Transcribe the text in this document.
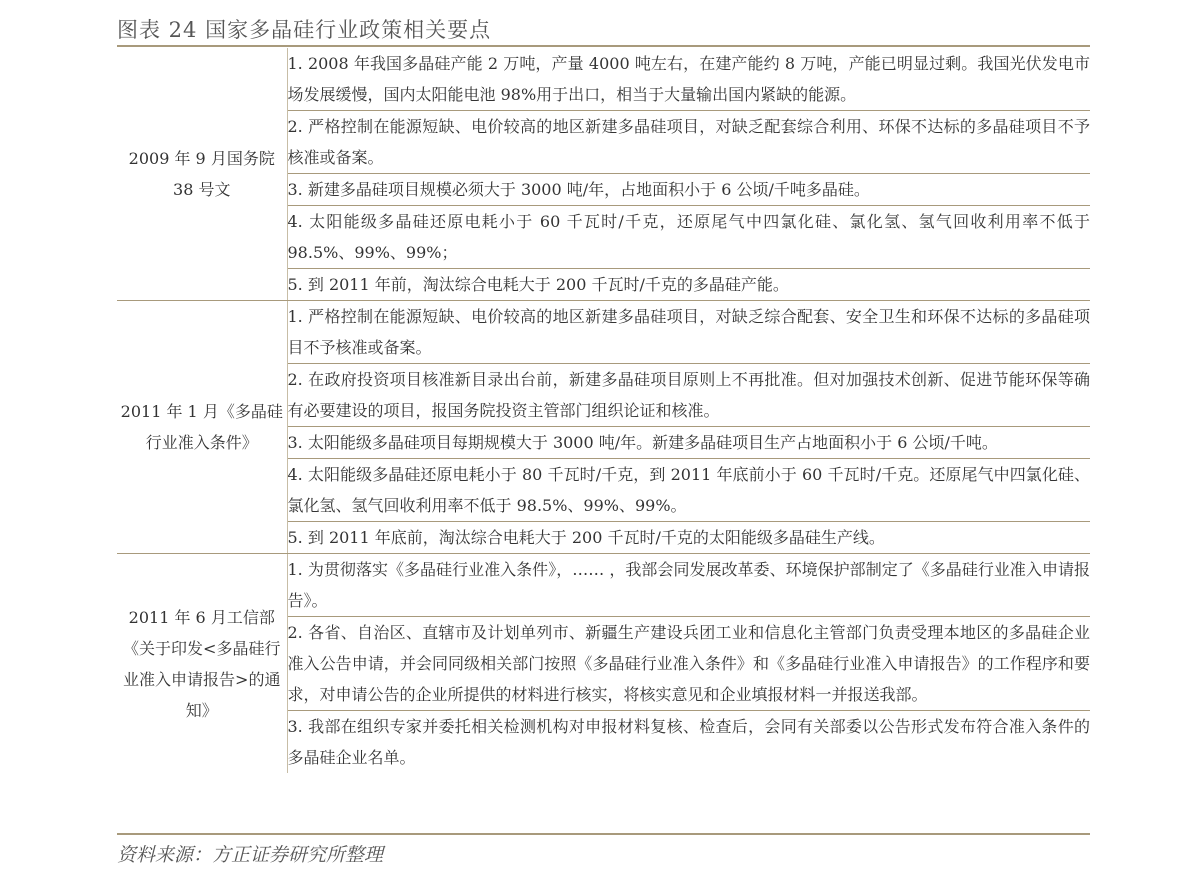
图表 24 国家多晶硅行业政策相关要点
2009 年 9 月国务院 38 号文	1. 2008 年我国多晶硅产能 2 万吨，产量 4000 吨左右，在建产能约 8 万吨，产能已明显过剩。我国光伏发电市场发展缓慢，国内太阳能电池 98%用于出口，相当于大量输出国内紧缺的能源。
	2. 严格控制在能源短缺、电价较高的地区新建多晶硅项目，对缺乏配套综合利用、环保不达标的多晶硅项目不予核准或备案。
	3. 新建多晶硅项目规模必须大于 3000 吨/年，占地面积小于 6 公顷/千吨多晶硅。
	4. 太阳能级多晶硅还原电耗小于 60 千瓦时/千克，还原尾气中四氯化硅、氯化氢、氢气回收利用率不低于 98.5%、99%、99%；
	5. 到 2011 年前，淘汰综合电耗大于 200 千瓦时/千克的多晶硅产能。
2011 年 1 月《多晶硅行业准入条件》	1. 严格控制在能源短缺、电价较高的地区新建多晶硅项目，对缺乏综合配套、安全卫生和环保不达标的多晶硅项目不予核准或备案。
	2. 在政府投资项目核准新目录出台前，新建多晶硅项目原则上不再批准。但对加强技术创新、促进节能环保等确有必要建设的项目，报国务院投资主管部门组织论证和核准。
	3. 太阳能级多晶硅项目每期规模大于 3000 吨/年。新建多晶硅项目生产占地面积小于 6 公顷/千吨。
	4. 太阳能级多晶硅还原电耗小于 80 千瓦时/千克，到 2011 年底前小于 60 千瓦时/千克。还原尾气中四氯化硅、氯化氢、氢气回收利用率不低于 98.5%、99%、99%。
	5. 到 2011 年底前，淘汰综合电耗大于 200 千瓦时/千克的太阳能级多晶硅生产线。
2011 年 6 月工信部《关于印发<多晶硅行业准入申请报告>的通知》	1. 为贯彻落实《多晶硅行业准入条件》，…… ，我部会同发展改革委、环境保护部制定了《多晶硅行业准入申请报告》。
	2. 各省、自治区、直辖市及计划单列市、新疆生产建设兵团工业和信息化主管部门负责受理本地区的多晶硅企业准入公告申请，并会同同级相关部门按照《多晶硅行业准入条件》和《多晶硅行业准入申请报告》的工作程序和要求，对申请公告的企业所提供的材料进行核实，将核实意见和企业填报材料一并报送我部。
	3. 我部在组织专家并委托相关检测机构对申报材料复核、检查后，会同有关部委以公告形式发布符合准入条件的多晶硅企业名单。
资料来源：方正证券研究所整理
